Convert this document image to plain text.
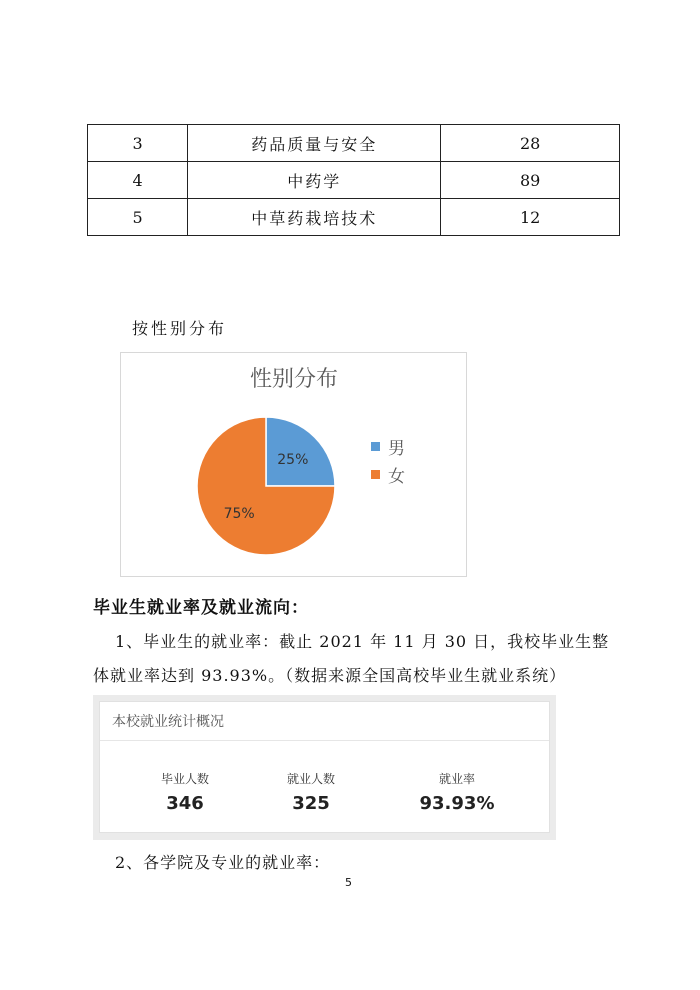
3	药品质量与安全	28
4	中药学	89
5	中草药栽培技术	12
按性别分布
性别分布
25%
75%
男
女
毕业生就业率及就业流向：
1、毕业生的就业率：截止 2021 年 11 月 30 日，我校毕业生整
体就业率达到 93.93%。（数据来源全国高校毕业生就业系统）
本校就业统计概况
毕业人数
346
就业人数
325
就业率
93.93%
2、各学院及专业的就业率：
5
